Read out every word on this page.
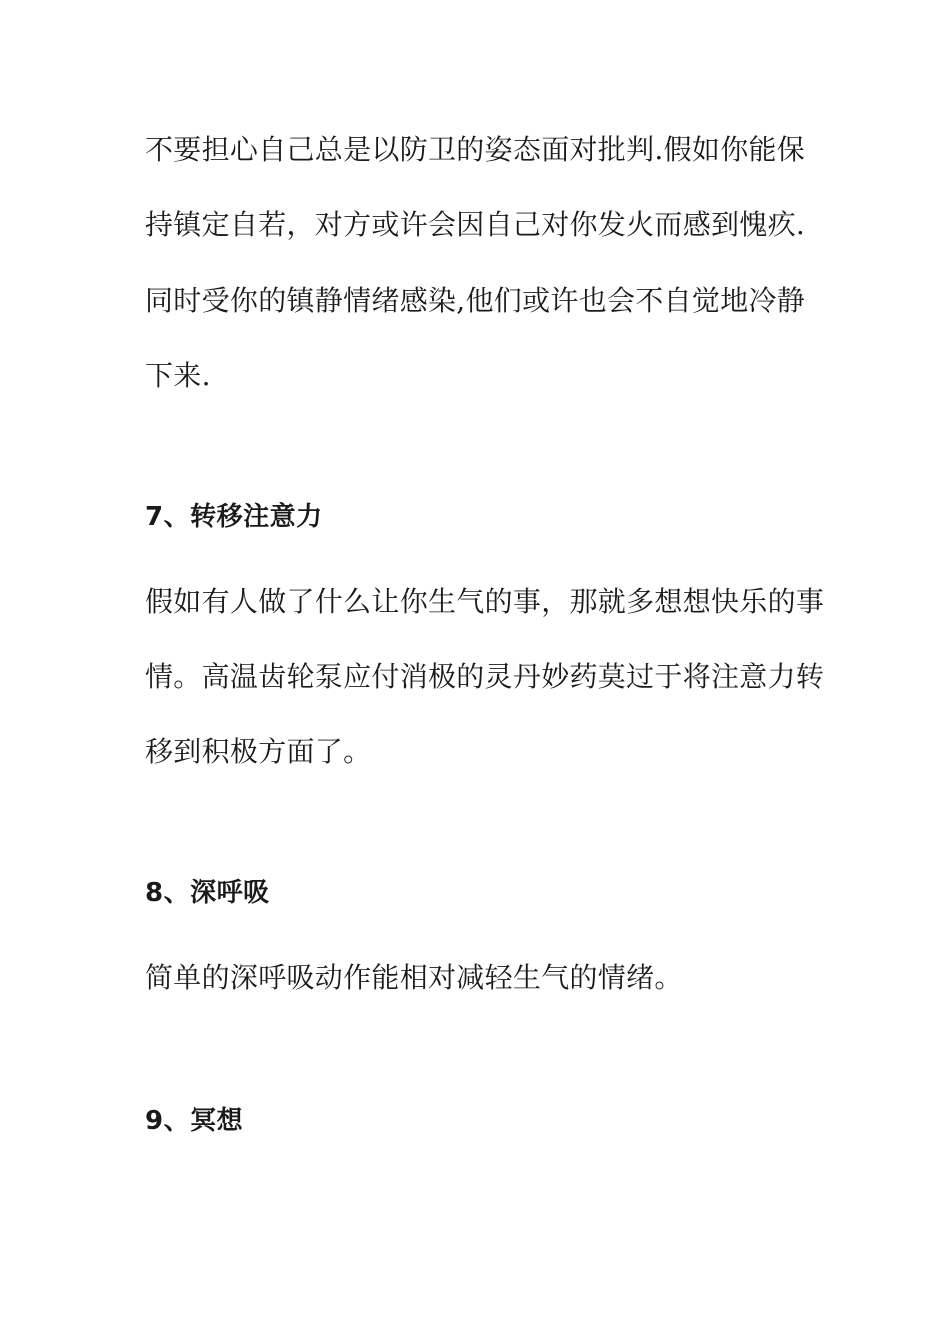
不要担心自己总是以防卫的姿态面对批判.假如你能保
持镇定自若，对方或许会因自己对你发火而感到愧疚.
同时受你的镇静情绪感染,他们或许也会不自觉地冷静
下来.
7、转移注意力
假如有人做了什么让你生气的事，那就多想想快乐的事
情。高温齿轮泵应付消极的灵丹妙药莫过于将注意力转
移到积极方面了。
8、深呼吸
简单的深呼吸动作能相对减轻生气的情绪。
9、冥想
